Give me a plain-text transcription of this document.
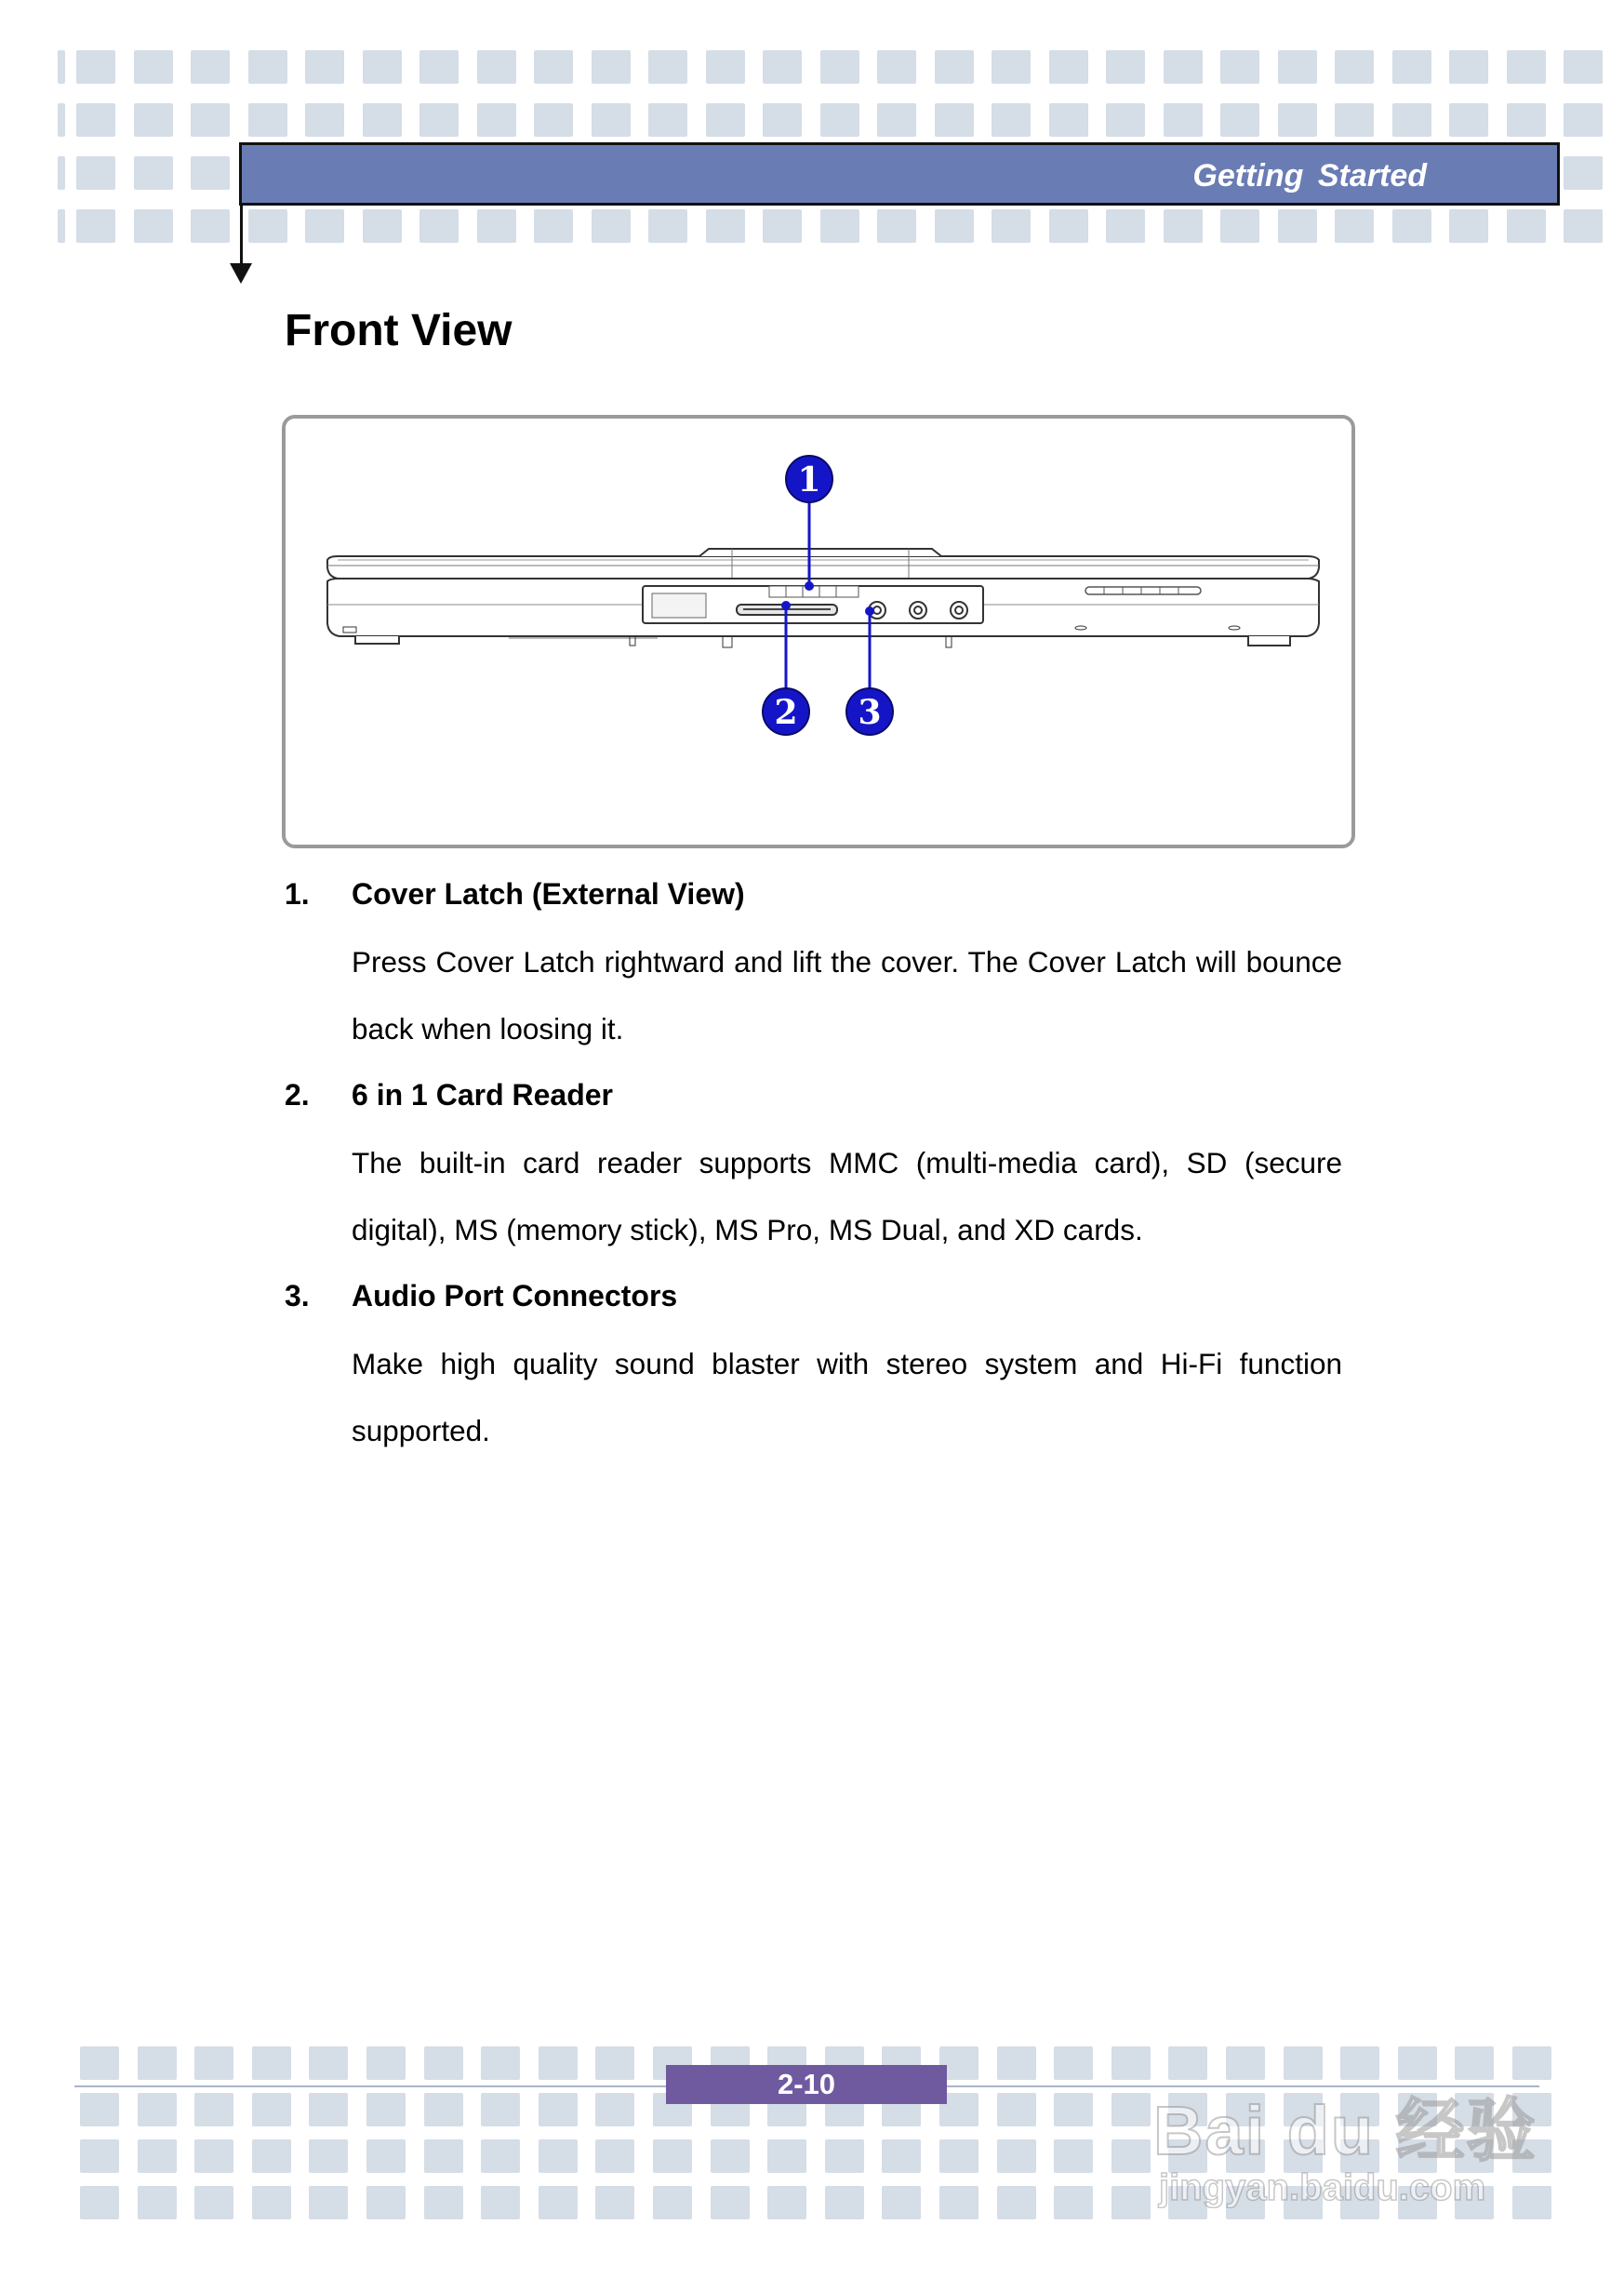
Getting Started
Front View
1
2 3
1. Cover Latch (External View)
Press Cover Latch rightward and lift the cover. The Cover Latch will bounce
back when loosing it.
2. 6 in 1 Card Reader
The built-in card reader supports MMC (multi-media card), SD (secure
digital), MS (memory stick), MS Pro, MS Dual, and XD cards.
3. Audio Port Connectors
Make high quality sound blaster with stereo system and Hi-Fi function
supported.
2-10
Bai du 经验
jingyan.baidu.com
